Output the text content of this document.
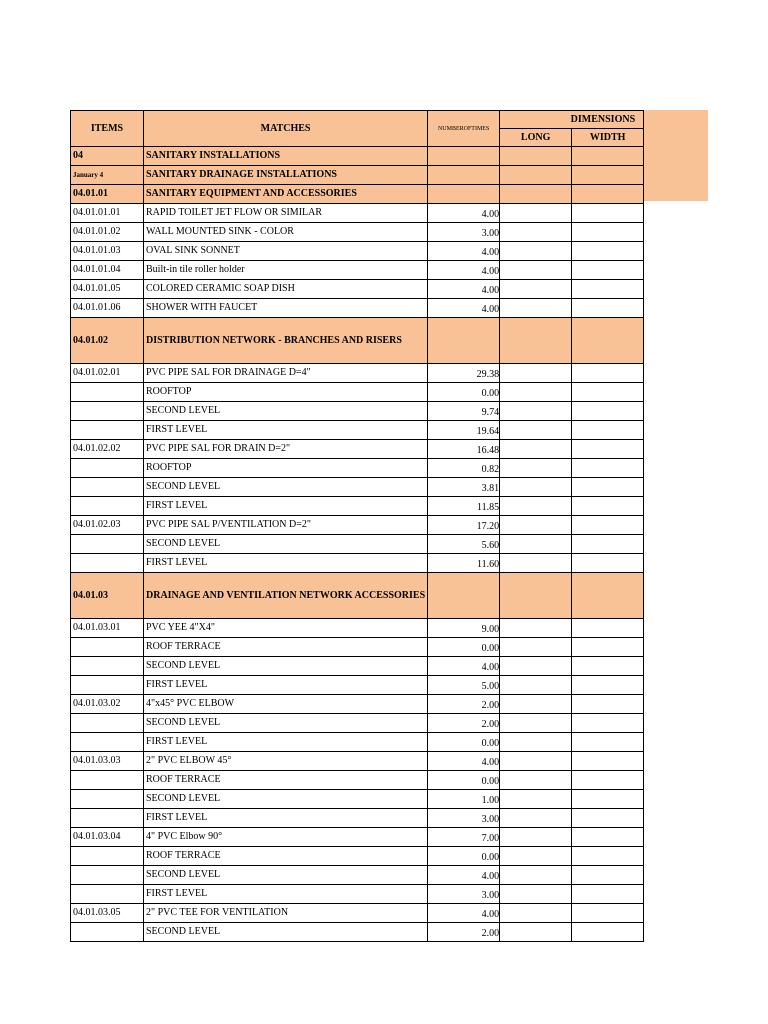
ITEMS	MATCHES	NUMBEROFTIMES	DIMENSIONS	
			LONG	WIDTH
04	SANITARY INSTALLATIONS			
January 4	SANITARY DRAINAGE INSTALLATIONS			
04.01.01	SANITARY EQUIPMENT AND ACCESSORIES			
04.01.01.01	RAPID TOILET JET FLOW OR SIMILAR	4.00		
04.01.01.02	WALL MOUNTED SINK - COLOR	3.00		
04.01.01.03	OVAL SINK SONNET	4.00		
04.01.01.04	Built-in tile roller holder	4.00		
04.01.01.05	COLORED CERAMIC SOAP DISH	4.00		
04.01.01.06	SHOWER WITH FAUCET	4.00		
04.01.02	DISTRIBUTION NETWORK - BRANCHES AND RISERS			
04.01.02.01	PVC PIPE SAL FOR DRAINAGE D=4"	29.38		
	ROOFTOP	0.00		
	SECOND LEVEL	9.74		
	FIRST LEVEL	19.64		
04.01.02.02	PVC PIPE SAL FOR DRAIN D=2"	16.48		
	ROOFTOP	0.82		
	SECOND LEVEL	3.81		
	FIRST LEVEL	11.85		
04.01.02.03	PVC PIPE SAL P/VENTILATION D=2"	17.20		
	SECOND LEVEL	5.60		
	FIRST LEVEL	11.60		
04.01.03	DRAINAGE AND VENTILATION NETWORK ACCESSORIES			
04.01.03.01	PVC YEE 4"X4"	9.00		
	ROOF TERRACE	0.00		
	SECOND LEVEL	4.00		
	FIRST LEVEL	5.00		
04.01.03.02	4"x45° PVC ELBOW	2.00		
	SECOND LEVEL	2.00		
	FIRST LEVEL	0.00		
04.01.03.03	2" PVC ELBOW 45°	4.00		
	ROOF TERRACE	0.00		
	SECOND LEVEL	1.00		
	FIRST LEVEL	3.00		
04.01.03.04	4" PVC Elbow 90°	7.00		
	ROOF TERRACE	0.00		
	SECOND LEVEL	4.00		
	FIRST LEVEL	3.00		
04.01.03.05	2" PVC TEE FOR VENTILATION	4.00		
	SECOND LEVEL	2.00		
